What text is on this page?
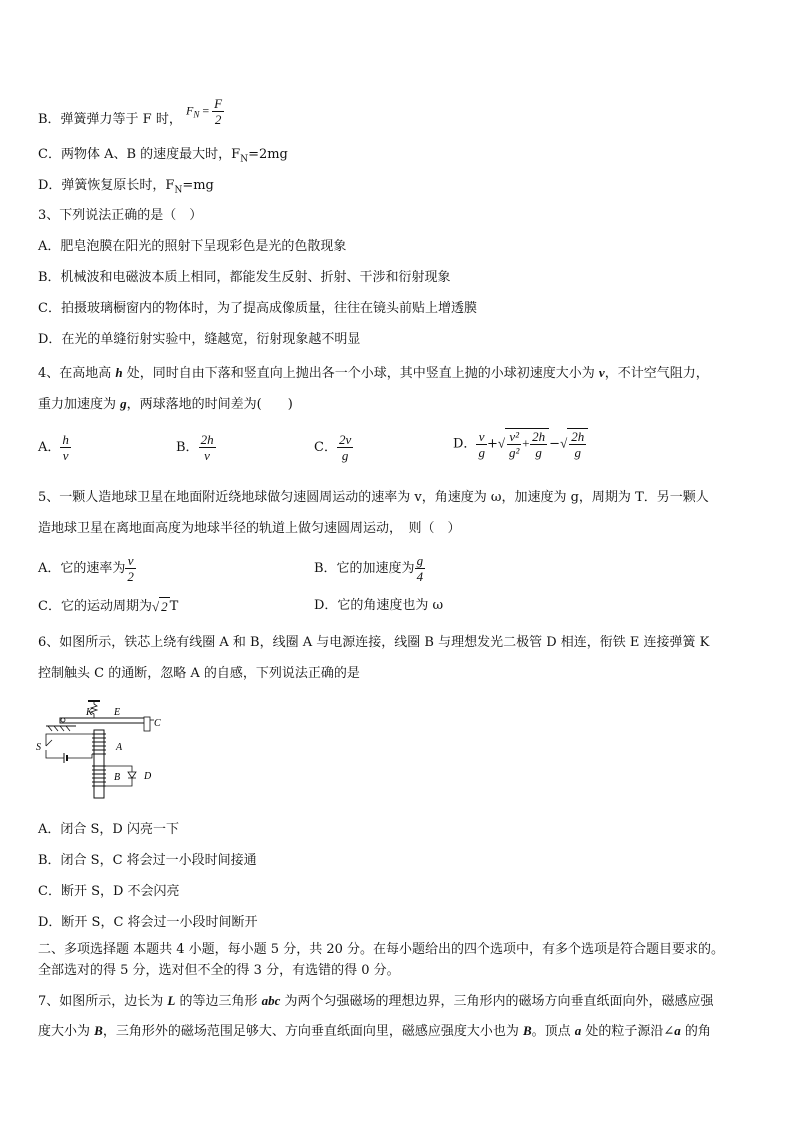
B．弹簧弹力等于 F 时， $F_N = \frac{F}{2}$
C．两物体 A、B 的速度最大时，$F_N=2mg$
D．弹簧恢复原长时，$F_N=mg$
3、下列说法正确的是（　）
A．肥皂泡膜在阳光的照射下呈现彩色是光的色散现象
B．机械波和电磁波本质上相同，都能发生反射、折射、干涉和衍射现象
C．拍摄玻璃橱窗内的物体时，为了提高成像质量，往往在镜头前贴上增透膜
D．在光的单缝衍射实验中，缝越宽，衍射现象越不明显
4、在高地高 h 处，同时自由下落和竖直向上抛出各一个小球，其中竖直上抛的小球初速度大小为 v，不计空气阻力，
重力加速度为 g，两球落地的时间差为(　　)
A． $\frac{h}{v}$	B． $\frac{2h}{v}$	C． $\frac{2v}{g}$	D． $\frac{v}{g}$ +√ $\frac{\text{v²}}{\text{g²}} + \frac{2h}{g}$ −√ $\frac{2h}{g}$
5、一颗人造地球卫星在地面附近绕地球做匀速圆周运动的速率为 v，角速度为 ω，加速度为 g，周期为 T．另一颗人
造地球卫星在离地面高度为地球半径的轨道上做匀速圆周运动，　则（　）
A．它的速率为 $\frac{v}{2}$	B．它的加速度为 $\frac{g}{4}$
C．它的运动周期为√ 2 T	D．它的角速度也为 ω
6、如图所示，铁芯上绕有线圈 A 和 B，线圈 A 与电源连接，线圈 B 与理想发光二极管 D 相连，衔铁 E 连接弹簧 K
控制触头 C 的通断，忽略 A 的自感，下列说法正确的是
K E
C
S	A
B D
A．闭合 S，D 闪亮一下
B．闭合 S，C 将会过一小段时间接通
C．断开 S，D 不会闪亮
D．断开 S，C 将会过一小段时间断开
二、多项选择题 本题共 4 小题，每小题 5 分，共 20 分。在每小题给出的四个选项中，有多个选项是符合题目要求的。
全部选对的得 5 分，选对但不全的得 3 分，有选错的得 0 分。
7、如图所示，边长为 L 的等边三角形 abc 为两个匀强磁场的理想边界，三角形内的磁场方向垂直纸面向外，磁感应强
度大小为 B，三角形外的磁场范围足够大、方向垂直纸面向里，磁感应强度大小也为 B。顶点 a 处的粒子源沿∠a 的角
